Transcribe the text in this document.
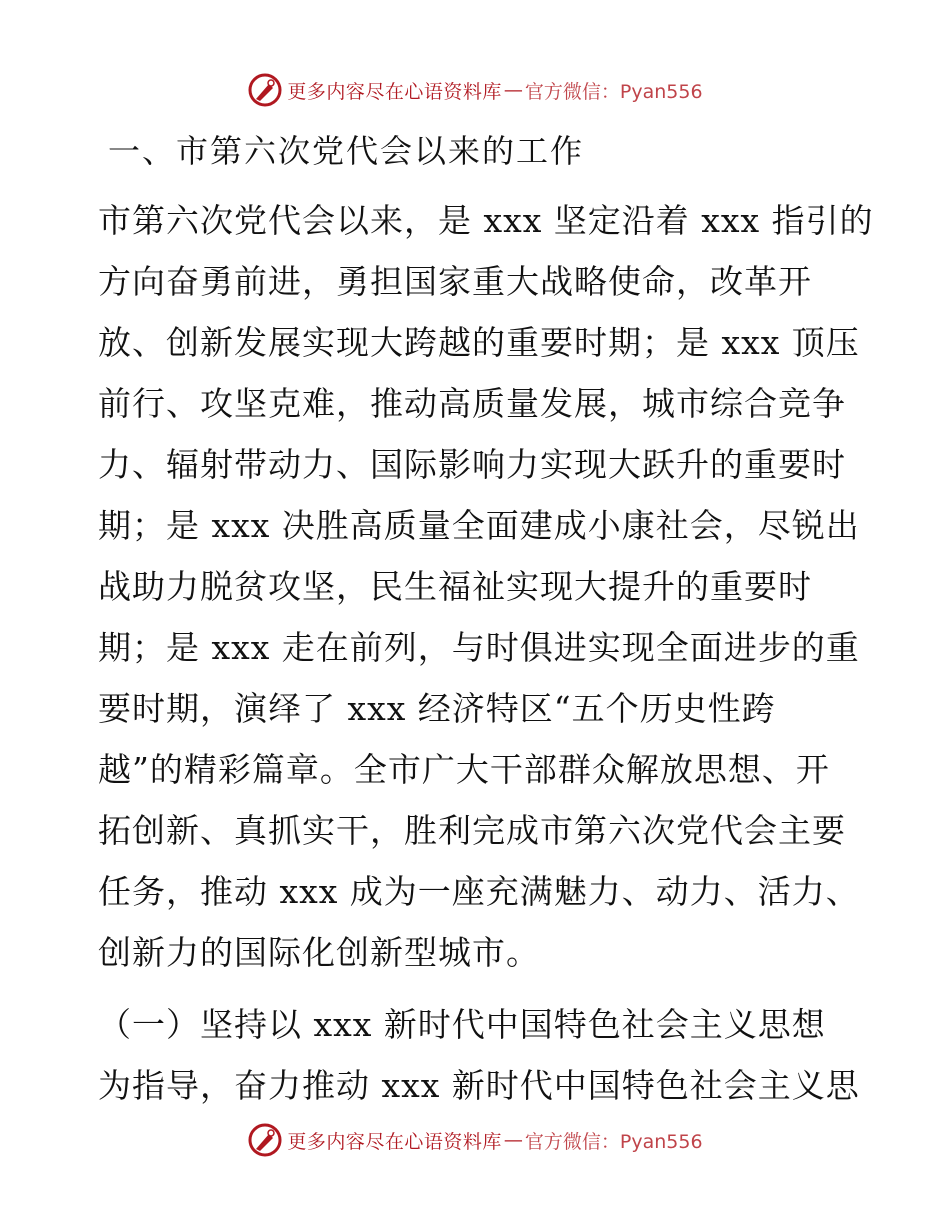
更多内容尽在心语资料库 — 官方微信：Pyan556
一、市第六次党代会以来的工作
市第六次党代会以来，是 xxx 坚定沿着 xxx 指引的
方向奋勇前进，勇担国家重大战略使命，改革开
放、创新发展实现大跨越的重要时期；是 xxx 顶压
前行、攻坚克难，推动高质量发展，城市综合竞争
力、辐射带动力、国际影响力实现大跃升的重要时
期；是 xxx 决胜高质量全面建成小康社会，尽锐出
战助力脱贫攻坚，民生福祉实现大提升的重要时
期；是 xxx 走在前列，与时俱进实现全面进步的重
要时期，演绎了 xxx 经济特区“五个历史性跨
越”的精彩篇章。全市广大干部群众解放思想、开
拓创新、真抓实干，胜利完成市第六次党代会主要
任务，推动 xxx 成为一座充满魅力、动力、活力、
创新力的国际化创新型城市。
（一）坚持以 xxx 新时代中国特色社会主义思想
为指导，奋力推动 xxx 新时代中国特色社会主义思
更多内容尽在心语资料库 — 官方微信：Pyan556
